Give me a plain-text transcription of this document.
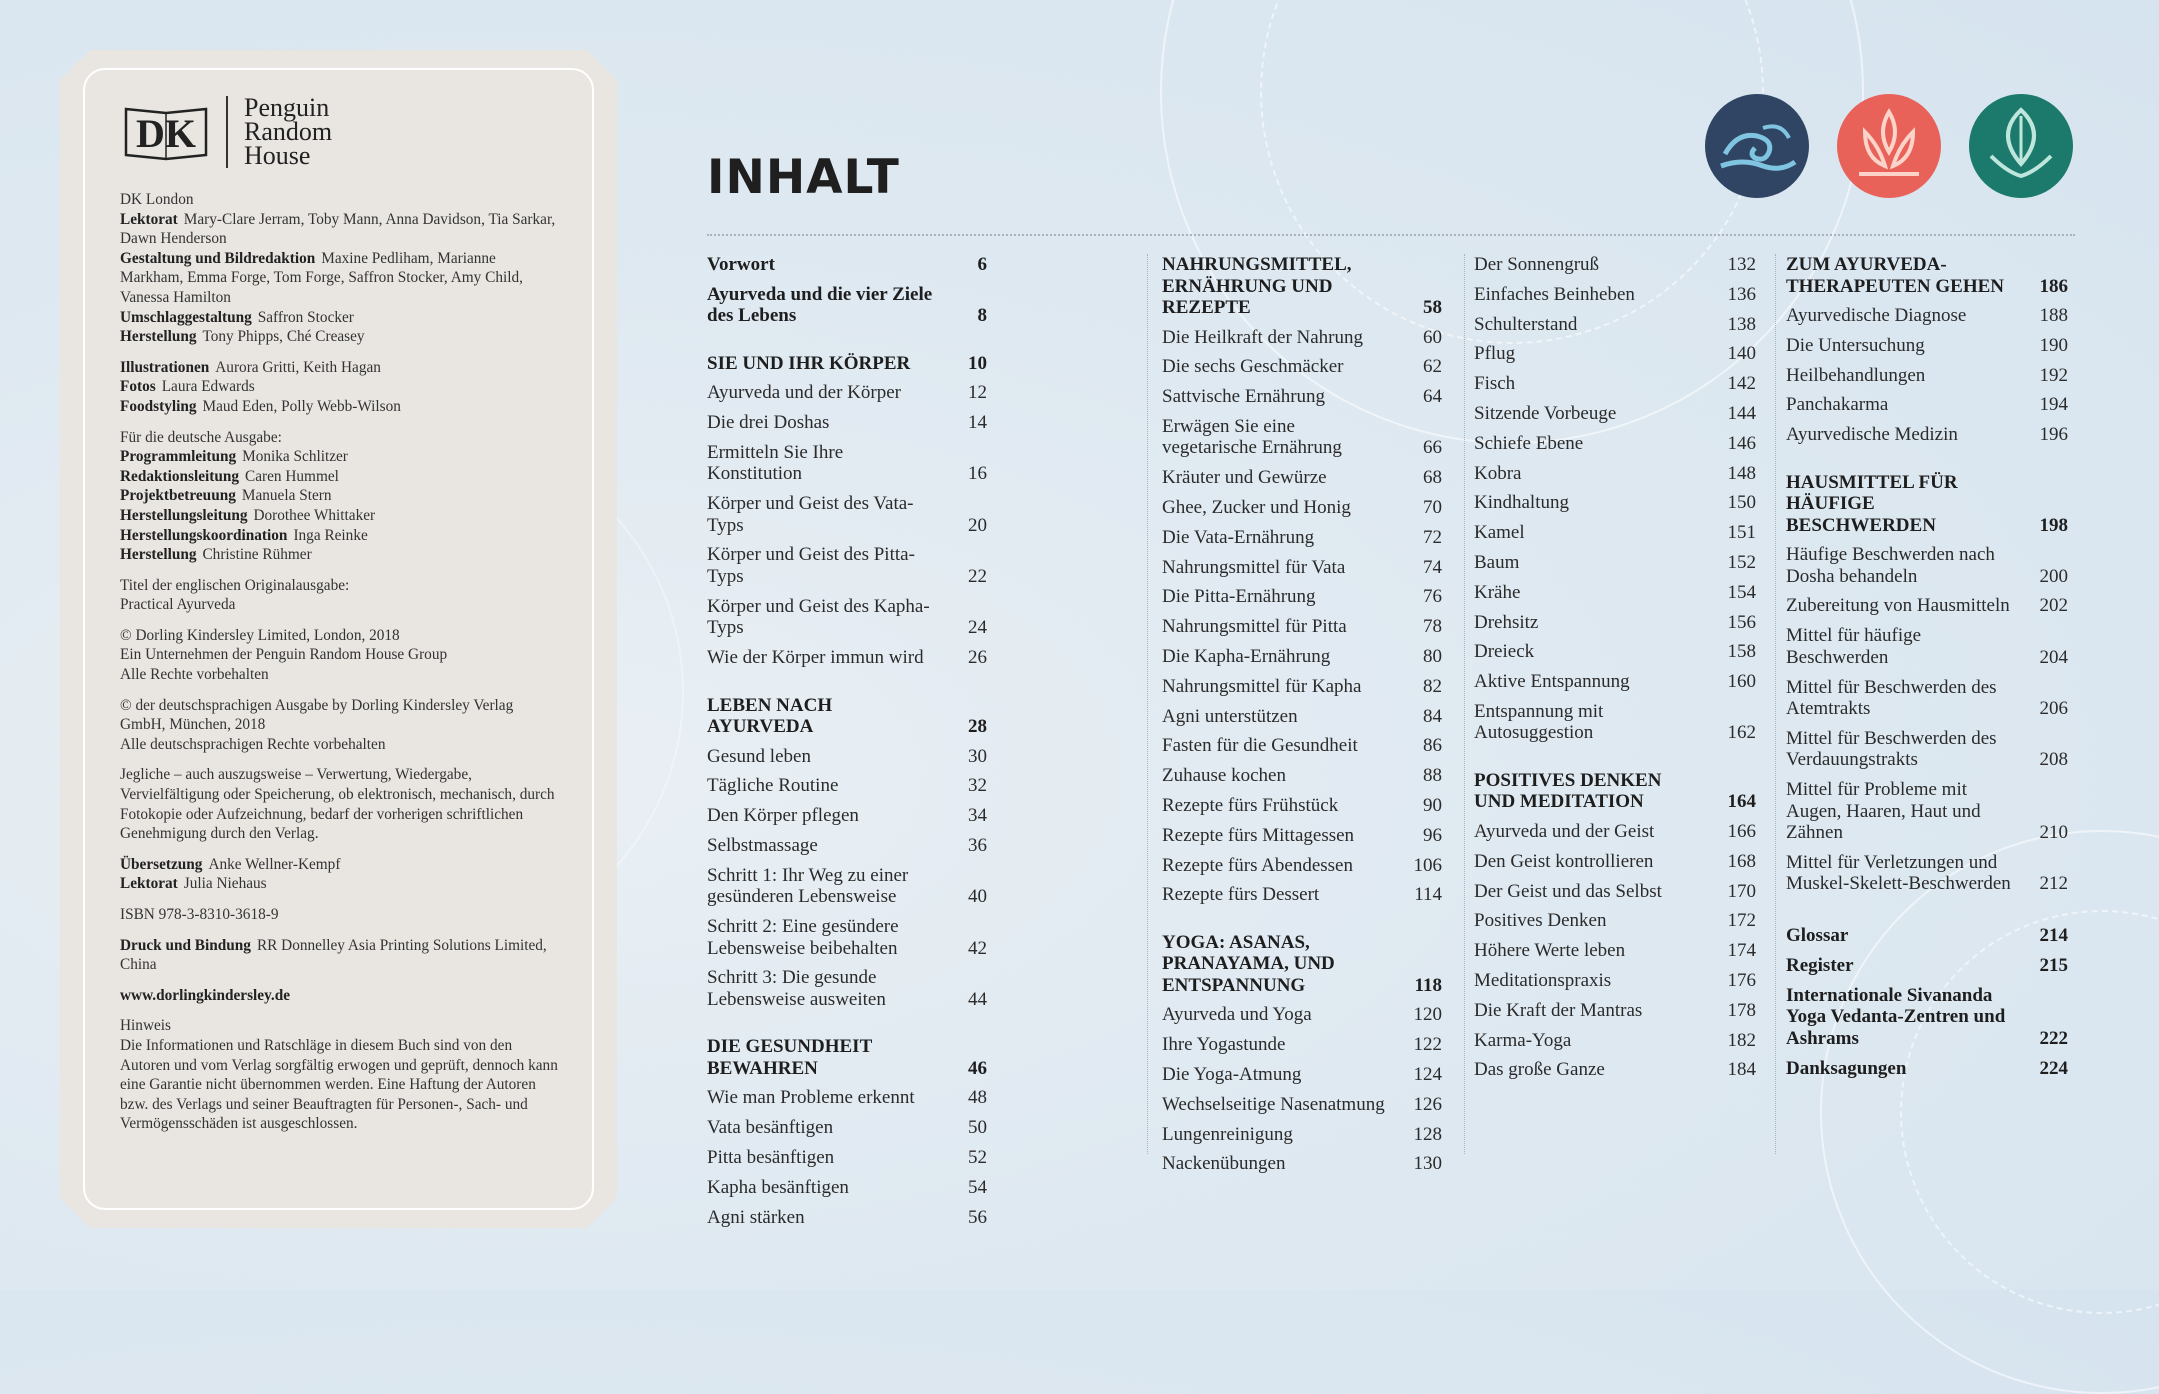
DK
Penguin
Random
House

DK London
Lektorat Mary-Clare Jerram, Toby Mann, Anna Davidson, Tia Sarkar, Dawn Henderson
Gestaltung und Bildredaktion Maxine Pedliham, Marianne Markham, Emma Forge, Tom Forge, Saffron Stocker, Amy Child, Vanessa Hamilton
Umschlaggestaltung Saffron Stocker
Herstellung Tony Phipps, Ché Creasey

Illustrationen Aurora Gritti, Keith Hagan
Fotos Laura Edwards
Foodstyling Maud Eden, Polly Webb-Wilson

Für die deutsche Ausgabe:
Programmleitung Monika Schlitzer
Redaktionsleitung Caren Hummel
Projektbetreuung Manuela Stern
Herstellungsleitung Dorothee Whittaker
Herstellungskoordination Inga Reinke
Herstellung Christine Rühmer

Titel der englischen Originalausgabe:
Practical Ayurveda

© Dorling Kindersley Limited, London, 2018
Ein Unternehmen der Penguin Random House Group
Alle Rechte vorbehalten

© der deutschsprachigen Ausgabe by Dorling Kindersley Verlag GmbH, München, 2018
Alle deutschsprachigen Rechte vorbehalten

Jegliche – auch auszugsweise – Verwertung, Wiedergabe, Vervielfältigung oder Speicherung, ob elektronisch, mechanisch, durch Fotokopie oder Aufzeichnung, bedarf der vorherigen schriftlichen Genehmigung durch den Verlag.

Übersetzung Anke Wellner-Kempf
Lektorat Julia Niehaus

ISBN 978-3-8310-3618-9

Druck und Bindung RR Donnelley Asia Printing Solutions Limited, China

www.dorlingkindersley.de

Hinweis
Die Informationen und Ratschläge in diesem Buch sind von den Autoren und vom Verlag sorgfältig erwogen und geprüft, dennoch kann eine Garantie nicht übernommen werden. Eine Haftung der Autoren bzw. des Verlags und seiner Beauftragten für Personen-, Sach- und Vermögensschäden ist ausgeschlossen.

INHALT
Vorwort	6
Ayurveda und die vier Ziele des Lebens	8
SIE UND IHR KÖRPER	10
Ayurveda und der Körper	12
Die drei Doshas	14
Ermitteln Sie Ihre Konstitution	16
Körper und Geist des Vata-Typs	20
Körper und Geist des Pitta-Typs	22
Körper und Geist des Kapha-Typs	24
Wie der Körper immun wird 26
LEBEN NACH AYURVEDA	28
Gesund leben	30
Tägliche Routine	32
Den Körper pflegen	34
Selbstmassage	36
Schritt 1: Ihr Weg zu einer gesünderen Lebensweise	40
Schritt 2: Eine gesündere Lebensweise beibehalten	42
Schritt 3: Die gesunde Lebensweise ausweiten	44
DIE GESUNDHEIT BEWAHREN	46
Wie man Probleme erkennt	48
Vata besänftigen	50
Pitta besänftigen	52
Kapha besänftigen	54
Agni stärken	56
NAHRUNGSMITTEL, ERNÄHRUNG UND REZEPTE	58
Die Heilkraft der Nahrung	60
Die sechs Geschmäcker	62
Sattvische Ernährung	64
Erwägen Sie eine vegetarische Ernährung	66
Kräuter und Gewürze	68
Ghee, Zucker und Honig	70
Die Vata-Ernährung	72
Nahrungsmittel für Vata	74
Die Pitta-Ernährung	76
Nahrungsmittel für Pitta	78
Die Kapha-Ernährung	80
Nahrungsmittel für Kapha	82
Agni unterstützen	84
Fasten für die Gesundheit	86
Zuhause kochen	88
Rezepte fürs Frühstück	90
Rezepte fürs Mittagessen	96
Rezepte fürs Abendessen	106
Rezepte fürs Dessert	114
YOGA: ASANAS, PRANAYAMA, UND ENTSPANNUNG	118
Ayurveda und Yoga	120
Ihre Yogastunde	122
Die Yoga-Atmung	124
Wechselseitige Nasenatmung 126
Lungenreinigung	128
Nackenübungen	130
Der Sonnengruß	132
Einfaches Beinheben	136
Schulterstand	138
Pflug	140
Fisch	142
Sitzende Vorbeuge	144
Schiefe Ebene	146
Kobra	148
Kindhaltung	150
Kamel	151
Baum	152
Krähe	154
Drehsitz	156
Dreieck	158
Aktive Entspannung	160
Entspannung mit Autosuggestion	162
POSITIVES DENKEN UND MEDITATION	164
Ayurveda und der Geist	166
Den Geist kontrollieren	168
Der Geist und das Selbst	170
Positives Denken	172
Höhere Werte leben	174
Meditationspraxis	176
Die Kraft der Mantras	178
Karma-Yoga	182
Das große Ganze	184
ZUM AYURVEDA-THERAPEUTEN GEHEN	186
Ayurvedische Diagnose	188
Die Untersuchung	190
Heilbehandlungen	192
Panchakarma	194
Ayurvedische Medizin	196
HAUSMITTEL FÜR HÄUFIGE BESCHWERDEN	198
Häufige Beschwerden nach Dosha behandeln	200
Zubereitung von Hausmitteln 202
Mittel für häufige Beschwerden	204
Mittel für Beschwerden des Atemtrakts	206
Mittel für Beschwerden des Verdauungstrakts	208
Mittel für Probleme mit Augen, Haaren, Haut und Zähnen	210
Mittel für Verletzungen und Muskel-Skelett-Beschwerden	212
Glossar	214
Register	215
Internationale Sivananda Yoga Vedanta-Zentren und Ashrams	222
Danksagungen	224
